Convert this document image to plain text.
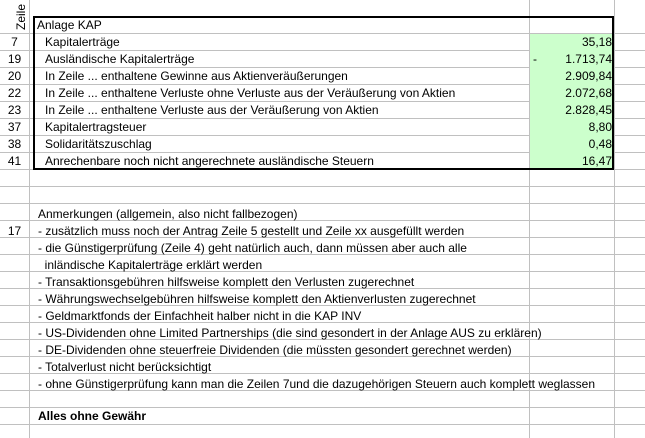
Zeile Anlage KAP
7	Kapitalerträge	35,18
19	Ausländische Kapitalerträge	-	1.713,74
20	In Zeile ... enthaltene Gewinne aus Aktienveräußerungen	2.909,84
22	In Zeile ... enthaltene Verluste ohne Verluste aus der Veräußerung von Aktien	2.072,68
23	In Zeile ... enthaltene Verluste aus der Veräußerung von Aktien	2.828,45
37	Kapitalertragsteuer	8,80
38	Solidaritätszuschlag	0,48
41	Anrechenbare noch nicht angerechnete ausländische Steuern	16,47
Anmerkungen (allgemein, also nicht fallbezogen)
17	- zusätzlich muss noch der Antrag Zeile 5 gestellt und Zeile xx ausgefüllt werden
- die Günstigerprüfung (Zeile 4) geht natürlich auch, dann müssen aber auch alle
inländische Kapitalerträge erklärt werden
- Transaktionsgebühren hilfsweise komplett den Verlusten zugerechnet
- Währungswechselgebühren hilfsweise komplett den Aktienverlusten zugerechnet
- Geldmarktfonds der Einfachheit halber nicht in die KAP INV
- US-Dividenden ohne Limited Partnerships (die sind gesondert in der Anlage AUS zu erklären)
- DE-Dividenden ohne steuerfreie Dividenden (die müssten gesondert gerechnet werden)
- Totalverlust nicht berücksichtigt
- ohne Günstigerprüfung kann man die Zeilen 7und die dazugehörigen Steuern auch komplett weglassen
Alles ohne Gewähr
